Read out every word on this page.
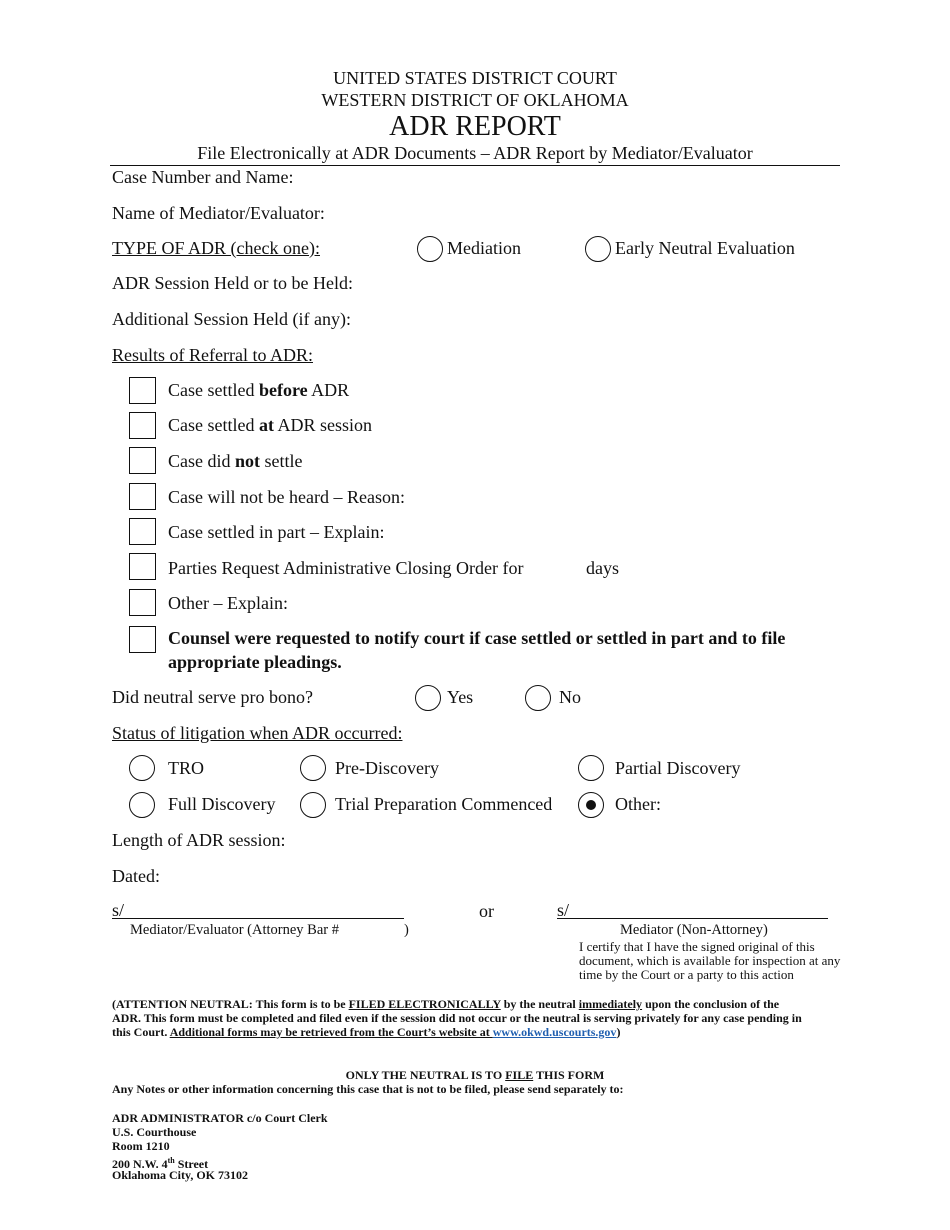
UNITED STATES DISTRICT COURT
WESTERN DISTRICT OF OKLAHOMA
ADR REPORT
File Electronically at ADR Documents – ADR Report by Mediator/Evaluator
Case Number and Name:
Name of Mediator/Evaluator:
TYPE OF ADR (check one):	Mediation	Early Neutral Evaluation
ADR Session Held or to be Held:
Additional Session Held (if any):
Results of Referral to ADR:
Case settled before ADR
Case settled at ADR session
Case did not settle
Case will not be heard – Reason:
Case settled in part – Explain:
Parties Request Administrative Closing Order for	days
Other – Explain:
Counsel were requested to notify court if case settled or settled in part and to file
appropriate pleadings.
Did neutral serve pro bono?	Yes	No
Status of litigation when ADR occurred:
TRO	Pre-Discovery	Partial Discovery
Full Discovery	Trial Preparation Commenced	Other:
Length of ADR session:
Dated:
s/	or	s/
Mediator/Evaluator (Attorney Bar #	)	Mediator (Non-Attorney)
I certify that I have the signed original of this
document, which is available for inspection at any
time by the Court or a party to this action
(ATTENTION NEUTRAL: This form is to be FILED ELECTRONICALLY by the neutral immediately upon the conclusion of the
ADR. This form must be completed and filed even if the session did not occur or the neutral is serving privately for any case pending in
this Court. Additional forms may be retrieved from the Court’s website at www.okwd.uscourts.gov)
ONLY THE NEUTRAL IS TO FILE THIS FORM
Any Notes or other information concerning this case that is not to be filed, please send separately to:
ADR ADMINISTRATOR c/o Court Clerk
U.S. Courthouse
Room 1210
200 N.W. 4th Street
Oklahoma City, OK 73102
